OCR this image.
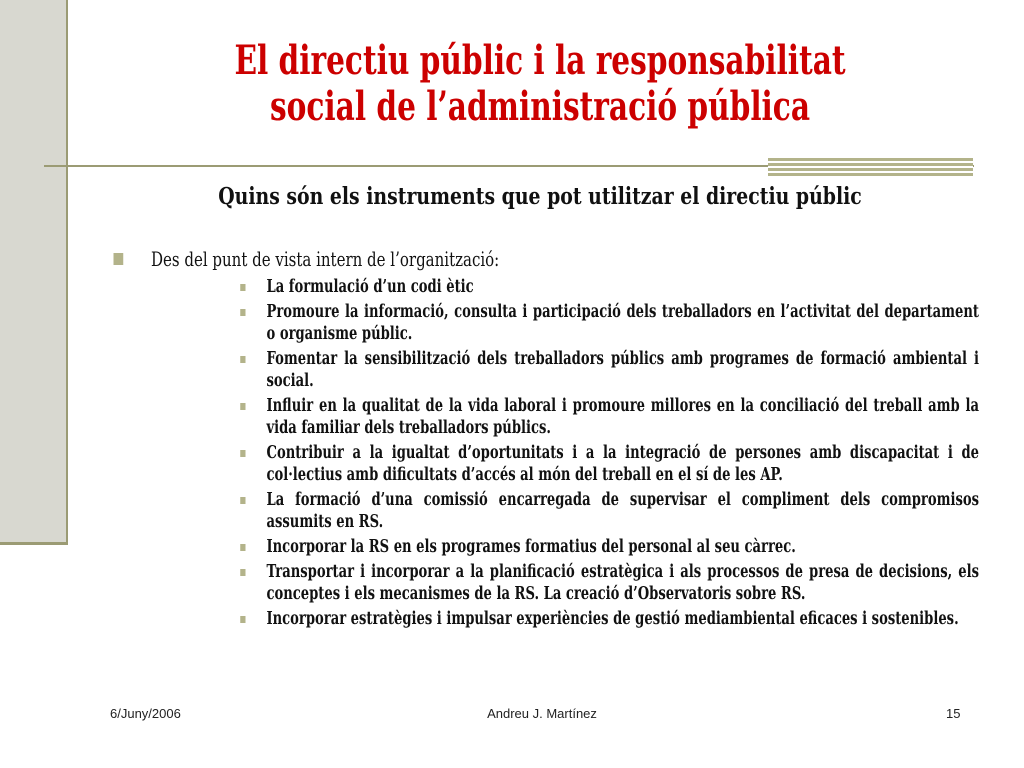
El directiu públic i la responsabilitat social de l’administració pública
Quins són els instruments que pot utilitzar el directiu públic
Des del punt de vista intern de l’organització:
La formulació d’un codi ètic
Promoure la informació, consulta i participació dels treballadors en l’activitat del departament o organisme públic.
Fomentar la sensibilització dels treballadors públics amb programes de formació ambiental i social.
Influir en la qualitat de la vida laboral i promoure millores en la conciliació del treball amb la vida familiar dels treballadors públics.
Contribuir a la igualtat d’oportunitats i a la integració de persones amb discapacitat i de col·lectius amb dificultats d’accés al món del treball en el sí de les AP.
La formació d’una comissió encarregada de supervisar el compliment dels compromisos assumits en RS.
Incorporar la RS en els programes formatius del personal al seu càrrec.
Transportar i incorporar a la planificació estratègica i als processos de presa de decisions, els conceptes i els mecanismes de la RS. La creació d’Observatoris sobre RS.
Incorporar estratègies i impulsar experiències de gestió mediambiental eficaces i sostenibles.
6/Juny/2006	Andreu J. Martínez	15
